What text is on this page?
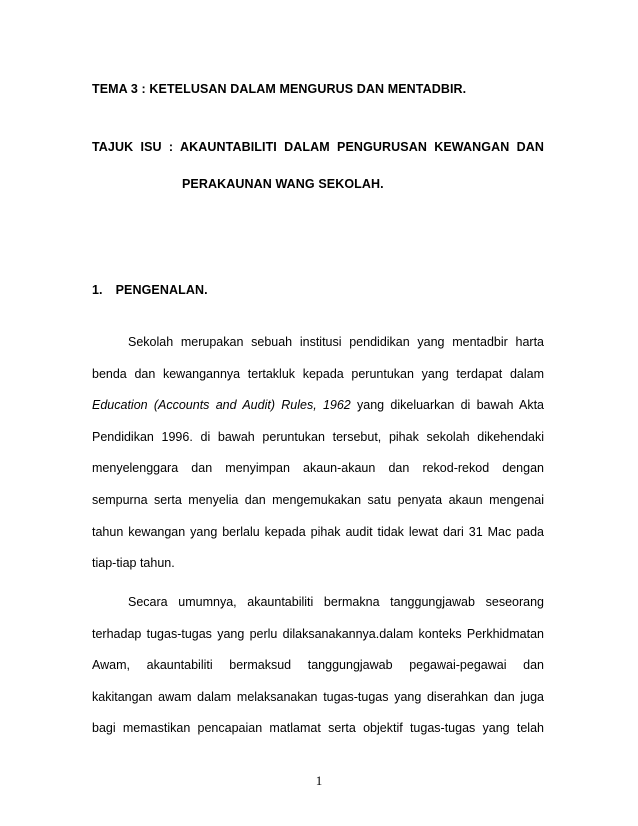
TEMA 3 : KETELUSAN DALAM MENGURUS DAN MENTADBIR.
TAJUK ISU : AKAUNTABILITI DALAM PENGURUSAN KEWANGAN DAN
PERAKAUNAN WANG SEKOLAH.
1. PENGENALAN.
Sekolah merupakan sebuah institusi pendidikan yang mentadbir harta
benda dan kewangannya tertakluk kepada peruntukan yang terdapat dalam
Education (Accounts and Audit) Rules, 1962 yang dikeluarkan di bawah Akta
Pendidikan 1996. di bawah peruntukan tersebut, pihak sekolah dikehendaki
menyelenggara dan menyimpan akaun-akaun dan rekod-rekod dengan
sempurna serta menyelia dan mengemukakan satu penyata akaun mengenai
tahun kewangan yang berlalu kepada pihak audit tidak lewat dari 31 Mac pada
tiap-tiap tahun.
Secara umumnya, akauntabiliti bermakna tanggungjawab seseorang
terhadap tugas-tugas yang perlu dilaksanakannya.dalam konteks Perkhidmatan
Awam, akauntabiliti bermaksud tanggungjawab pegawai-pegawai dan
kakitangan awam dalam melaksanakan tugas-tugas yang diserahkan dan juga
bagi memastikan pencapaian matlamat serta objektif tugas-tugas yang telah
1
